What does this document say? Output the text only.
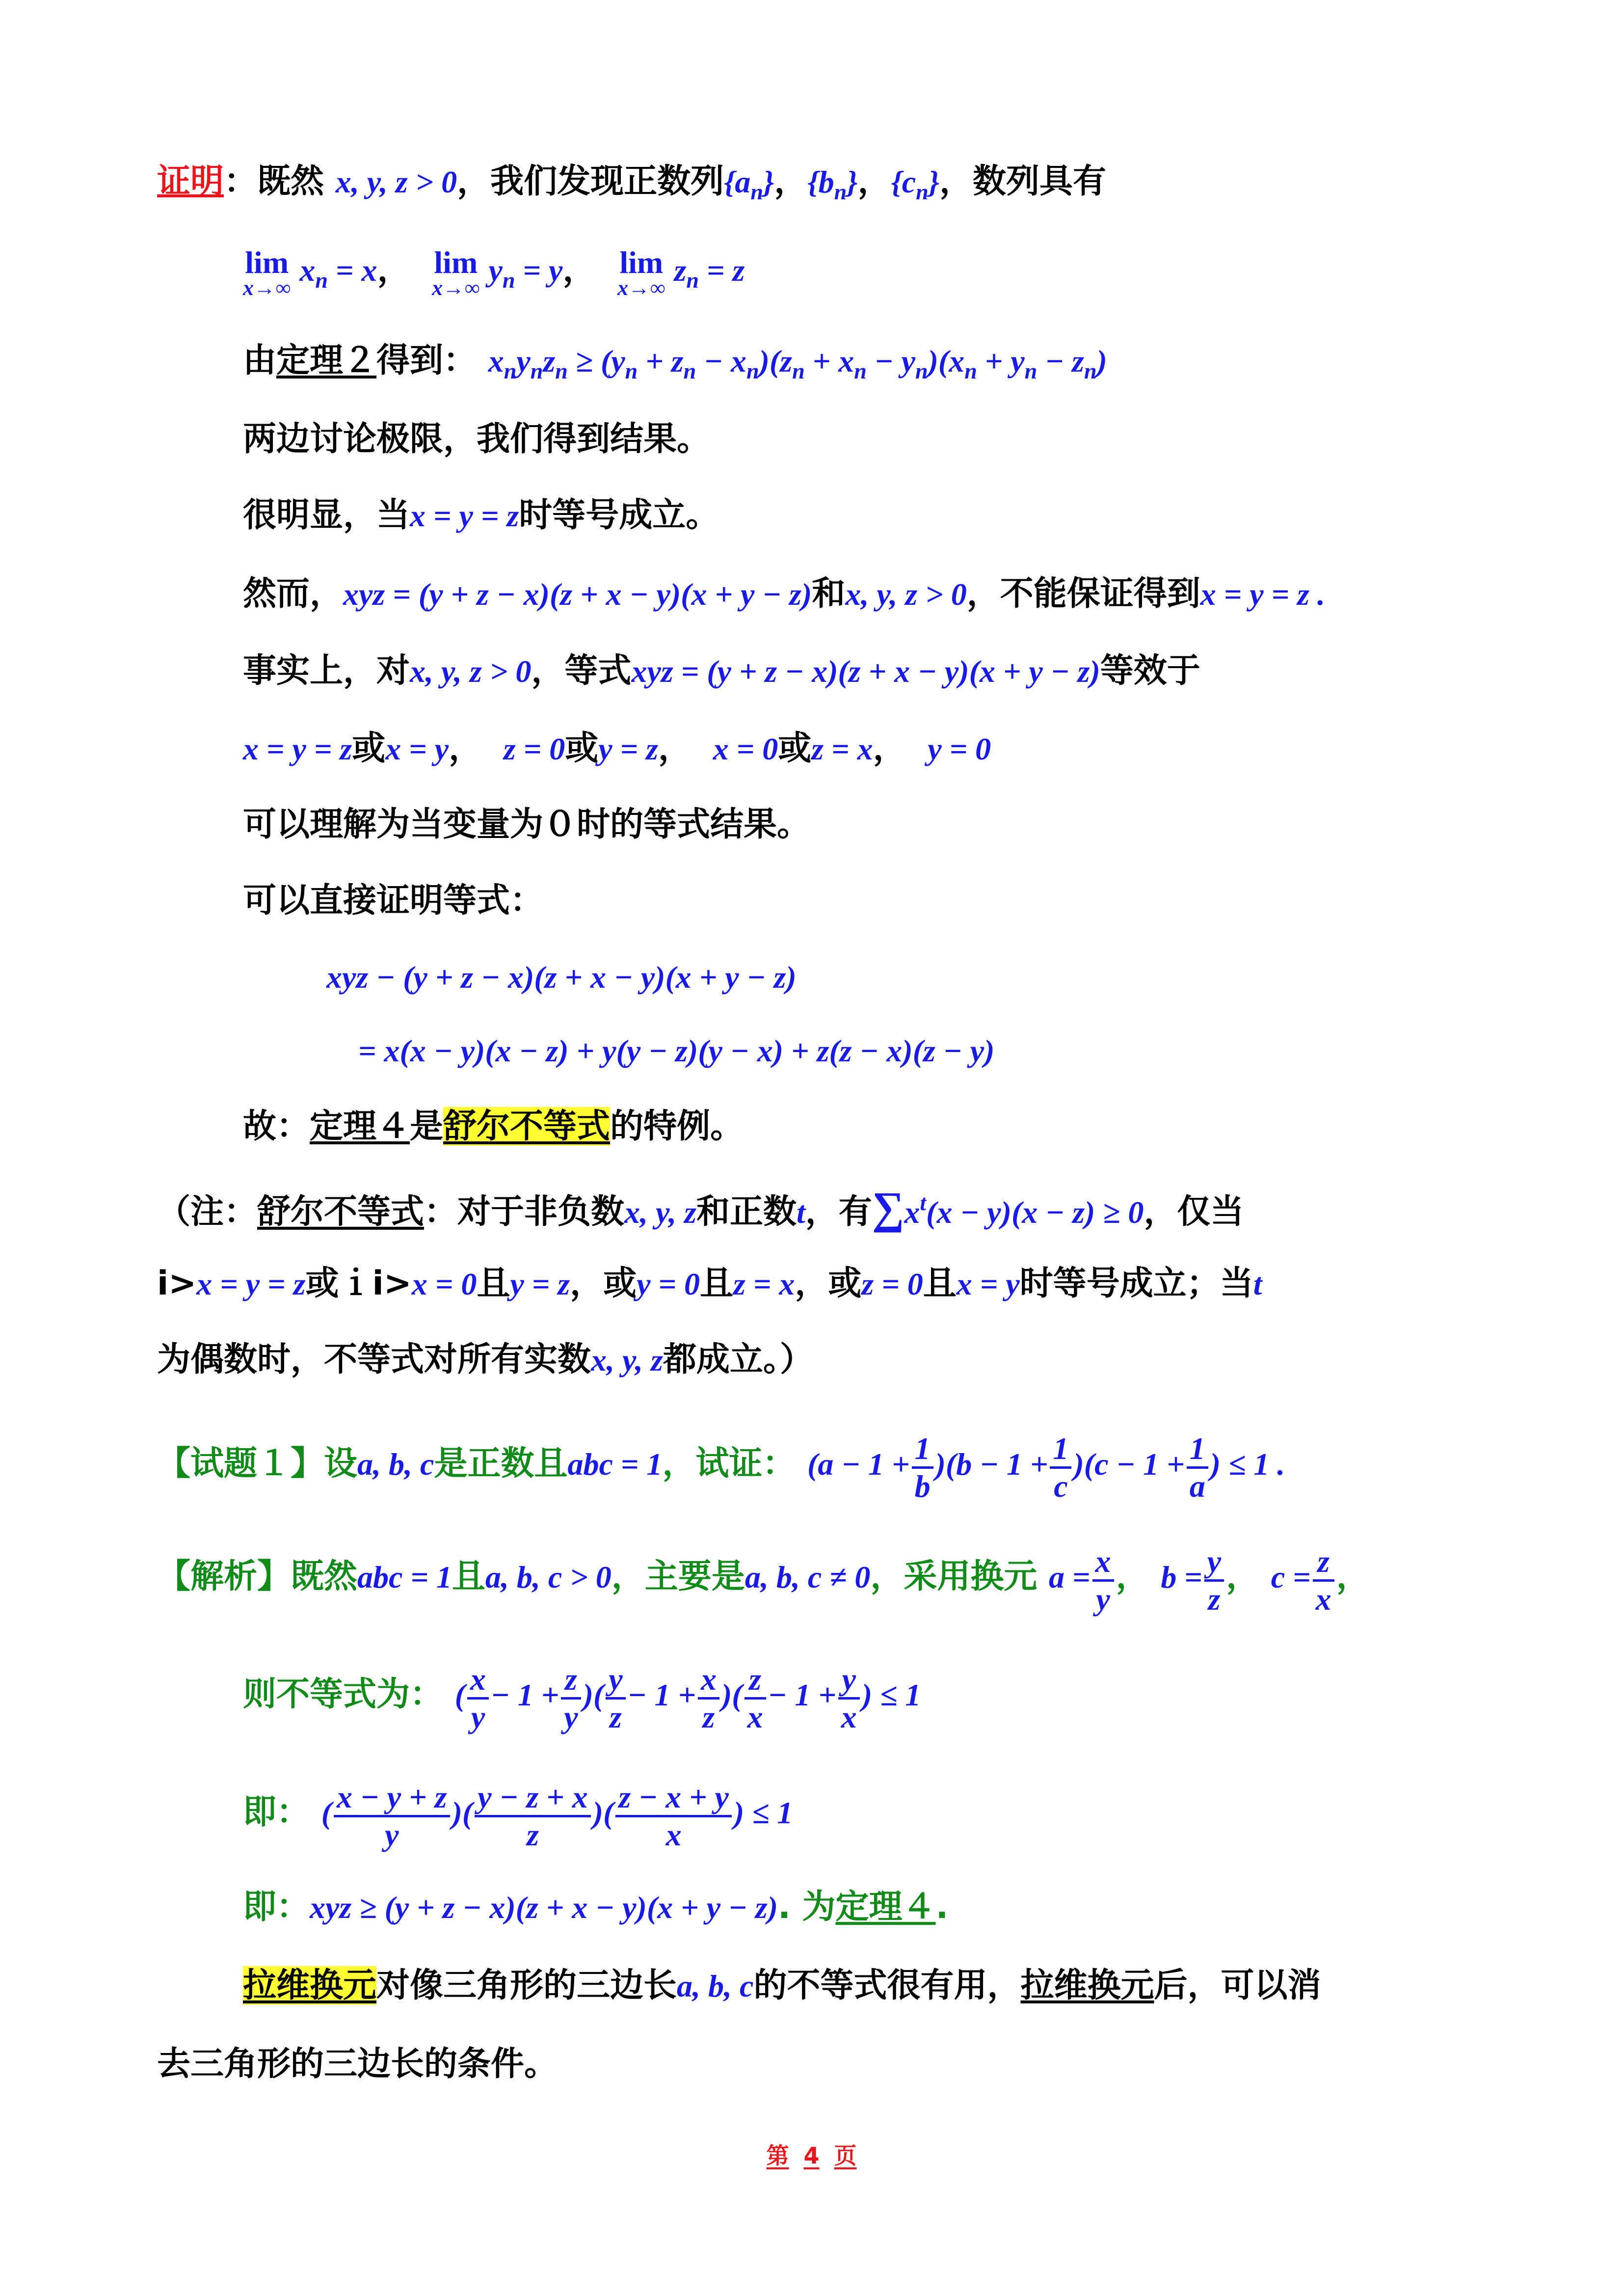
证明：既然 x, y, z > 0，我们发现正数列$\{a_n\}$，$\{b_n\}$，$\{c_n\}$，数列具有
lim
x→∞
$x_n = x$， lim
x→∞
$y_n = y$， lim
x→∞
$z_n = z$
由定理２得到： $x_ny_nz_n \ge (y_n + z_n - x_n)(z_n + x_n - y_n)(x_n + y_n - z_n)$
两边讨论极限，我们得到结果。
很明显，当x = y = z时等号成立。
然而，xyz = (y + z − x)(z + x − y)(x + y − z)和x, y, z > 0，不能保证得到x = y = z .
事实上，对x, y, z > 0，等式xyz = (y + z − x)(z + x − y)(x + y − z)等效于
x = y = z或x = y， z = 0或y = z， x = 0或z = x， y = 0
可以理解为当变量为０时的等式结果。
可以直接证明等式：
xyz − (y + z − x)(z + x − y)(x + y − z)
= x(x − y)(x − z) + y(y − z)(y − x) + z(z − x)(z − y)
故：定理４是舒尔不等式的特例。
（注：舒尔不等式：对于非负数x, y, z和正数t，有$\sum x^t(x - y)(x - z) \ge 0$，仅当
i>x = y = z或ｉi>x = 0且y = z，或y = 0且z = x，或z = 0且x = y时等号成立；当t
为偶数时，不等式对所有实数x, y, z都成立。）
【试题１】设a, b, c是正数且abc = 1，试证： $(a - 1 + \frac{1}{b} )(b - 1 + \frac{1}{c} )(c - 1 + \frac{1}{a}$ ) ≤ 1 .
【解析】既然abc = 1且a, b, c > 0，主要是a, b, c ≠ 0，采用换元 $a = \frac{x}{y}$ ， $b = \frac{y}{z}$ ， $c = \frac{z}{x}$ ，
则不等式为： ( $\frac{x}{y} - 1 + \frac{z}{y}$ )( $\frac{y}{z} - 1 + \frac{x}{z}$ )( $\frac{z}{x} - 1 + \frac{y}{x}$ ) ≤ 1
即： ( $\frac{x - y + z}{y}$ )( $\frac{y - z + x}{z}$ )( $\frac{z - x + y}{x}$ ) ≤ 1
即：xyz ≥ (y + z − x)(z + x − y)(x + y − z). 为定理４.
拉维换元对像三角形的三边长a, b, c的不等式很有用，拉维换元后，可以消
去三角形的三边长的条件。
第 4 页
